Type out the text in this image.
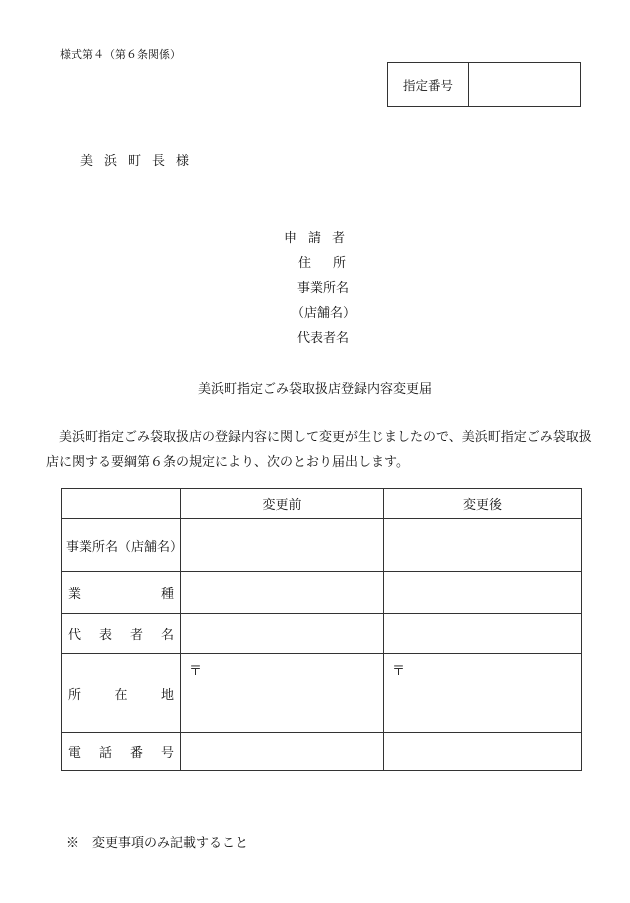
様式第４（第６条関係）
指定番号
美浜町長様
申請者
住所
事業所名
（店舗名）
代表者名
美浜町指定ごみ袋取扱店登録内容変更届
美浜町指定ごみ袋取扱店の登録内容に関して変更が生じましたので、美浜町指定ごみ袋取扱店に関する要綱第６条の規定により、次のとおり届出します。
	変更前	変更後
事業所名（店舗名）		

業 種		

代 表 者 名		

所 在 地	〒	〒

電 話 番 号		

※　変更事項のみ記載すること
